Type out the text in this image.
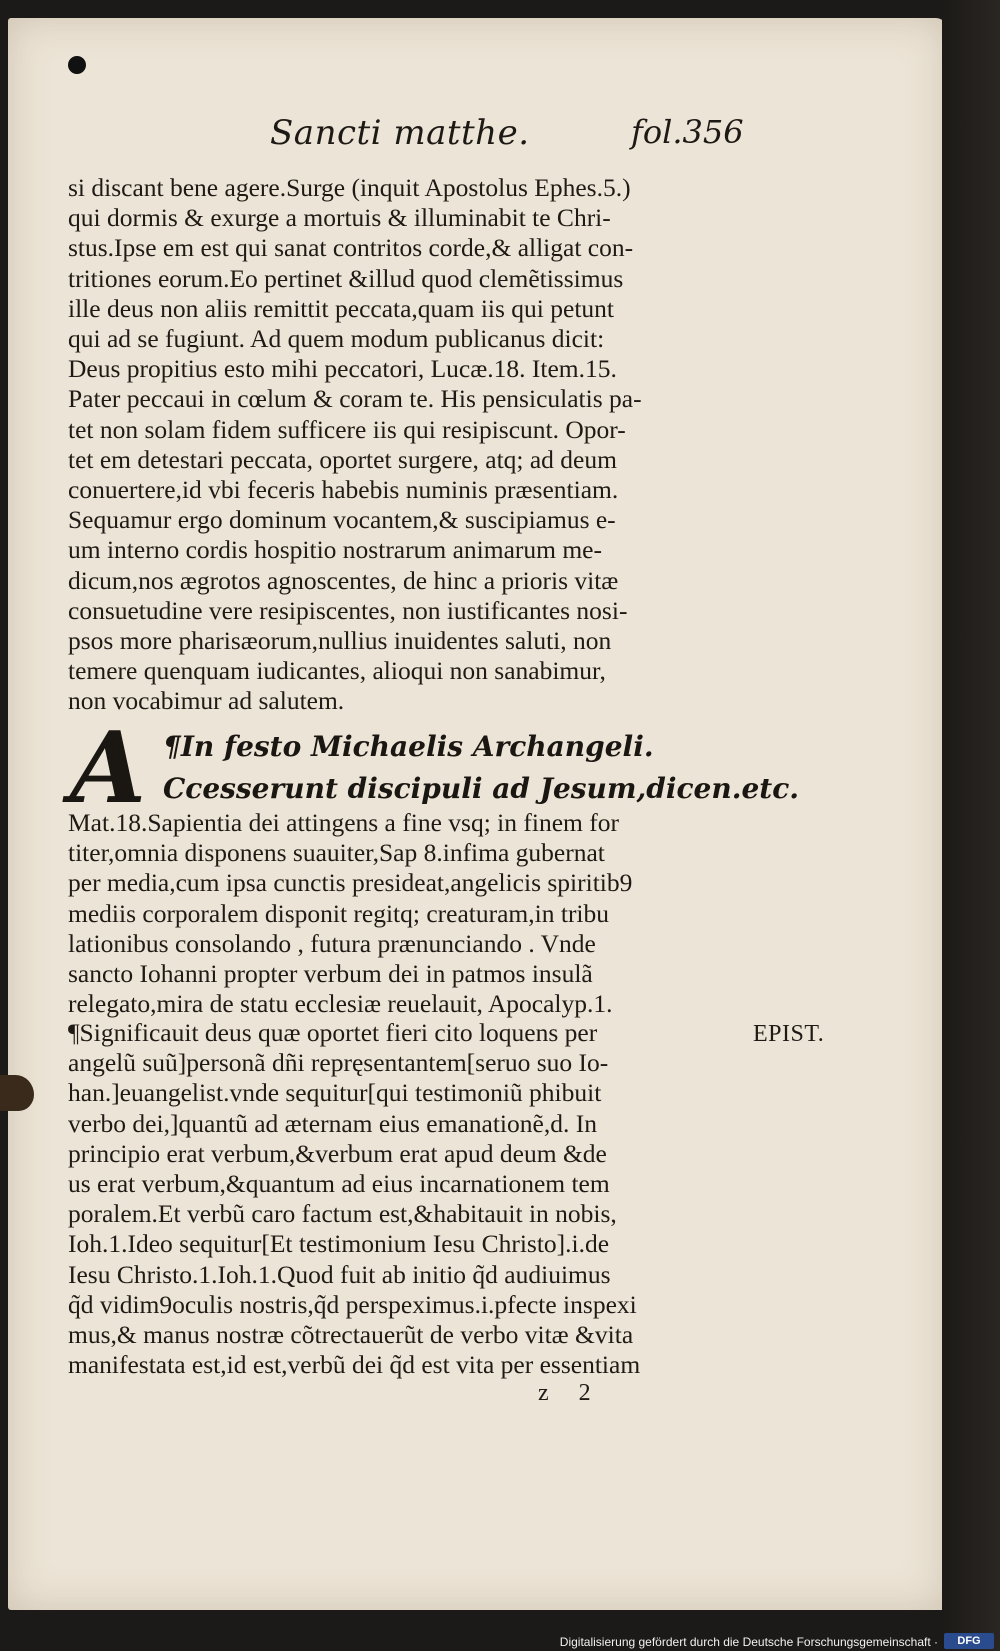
Sancti matthe.	fol.356
si discant bene agere.Surge (inquit Apostolus Ephes.5.)
qui dormis & exurge a mortuis & illuminabit te Chri-
stus.Ipse em est qui sanat contritos corde,& alligat con-
tritiones eorum.Eo pertinet &illud quod clemẽtissimus
ille deus non aliis remittit peccata,quam iis qui petunt
qui ad se fugiunt. Ad quem modum publicanus dicit:
Deus propitius esto mihi peccatori, Lucæ.18. Item.15.
Pater peccaui in cœlum & coram te. His pensiculatis pa-
tet non solam fidem sufficere iis qui resipiscunt. Opor-
tet em detestari peccata, oportet surgere, atq; ad deum
conuertere,id vbi feceris habebis numinis præsentiam.
Sequamur ergo dominum vocantem,& suscipiamus e-
um interno cordis hospitio nostrarum animarum me-
dicum,nos ægrotos agnoscentes, de hinc a prioris vitæ
consuetudine vere resipiscentes, non iustificantes nosi-
psos more pharisæorum,nullius inuidentes saluti, non
temere quenquam iudicantes, alioqui non sanabimur,
non vocabimur ad salutem.
A ¶In festo Michaelis Archangeli.
Ccesserunt discipuli ad Jesum,dicen.etc.
Mat.18.Sapientia dei attingens a fine vsq; in finem for
titer,omnia disponens suauiter,Sap 8.infima gubernat
per media,cum ipsa cunctis presideat,angelicis spiritib9
mediis corporalem disponit regitq; creaturam,in tribu
lationibus consolando , futura prænunciando . Vnde
sancto Iohanni propter verbum dei in patmos insulã
relegato,mira de statu ecclesiæ reuelauit, Apocalyp.1.
¶Significauit deus quæ oportet fieri cito loquens per
angelũ suũ]personã dñi repręsentantem[seruo suo Io-
han.]euangelist.vnde sequitur[qui testimoniũ phibuit
verbo dei,]quantũ ad æternam eius emanationẽ,d. In
principio erat verbum,&verbum erat apud deum &de
us erat verbum,&quantum ad eius incarnationem tem
poralem.Et verbũ caro factum est,&habitauit in nobis,
Ioh.1.Ideo sequitur[Et testimonium Iesu Christo].i.de
Iesu Christo.1.Ioh.1.Quod fuit ab initio q̃d audiuimus
q̃d vidim9oculis nostris,q̃d perspeximus.i.pfecte inspexi
mus,& manus nostræ cõtrectauerũt de verbo vitæ &vita
manifestata est,id est,verbũ dei q̃d est vita per essentiam
EPIST.
z 2
Digitalisierung gefördert durch die Deutsche Forschungsgemeinschaft ·	DFG
